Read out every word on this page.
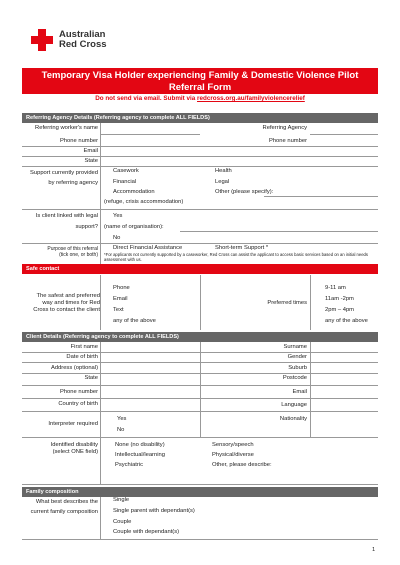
Australian
Red Cross
Temporary Visa Holder experiencing Family & Domestic Violence Pilot
Referral Form
Do not send via email. Submit via redcross.org.au/familyviolencerelief
Referring Agency Details (Referring agency to complete ALL FIELDS)
Referring worker's name	Referring Agency
Phone number	Phone number
Email
State
Support currently provided
by referring agency
Casework
Financial
Accommodation
(refuge, crisis accommodation)
Health
Legal
Other (please specify):
Is client linked with legal
support?
Yes
(name of organisation):
No
Purpose of this referral
(tick one, or both)
Direct Financial Assistance	Short-term Support *
*For applicants not currently supported by a caseworker, Red Cross can assist the applicant to access basic services based on an initial needs assessment with us.
Safe contact
The safest and preferred
way and times for Red
Cross to contact the client
Phone
Email
Text
any of the above
Preferred times
9-11 am
11am -2pm
2pm – 4pm
any of the above
Client Details (Referring agency to complete ALL FIELDS)
First name	Surname
Date of birth	Gender
Address (optional)	Suburb
State	Postcode
Phone number	Email
Country of birth	Language
Interpreter required
Yes
No
Nationality
Identified disability
(select ONE field)
None (no disability)
Intellectual/learning
Psychiatric
Sensory/speech
Physical/diverse
Other, please describe:
Family composition
What best describes the
current family composition
Single
Single parent with dependant(s)
Couple
Couple with dependant(s)
1
